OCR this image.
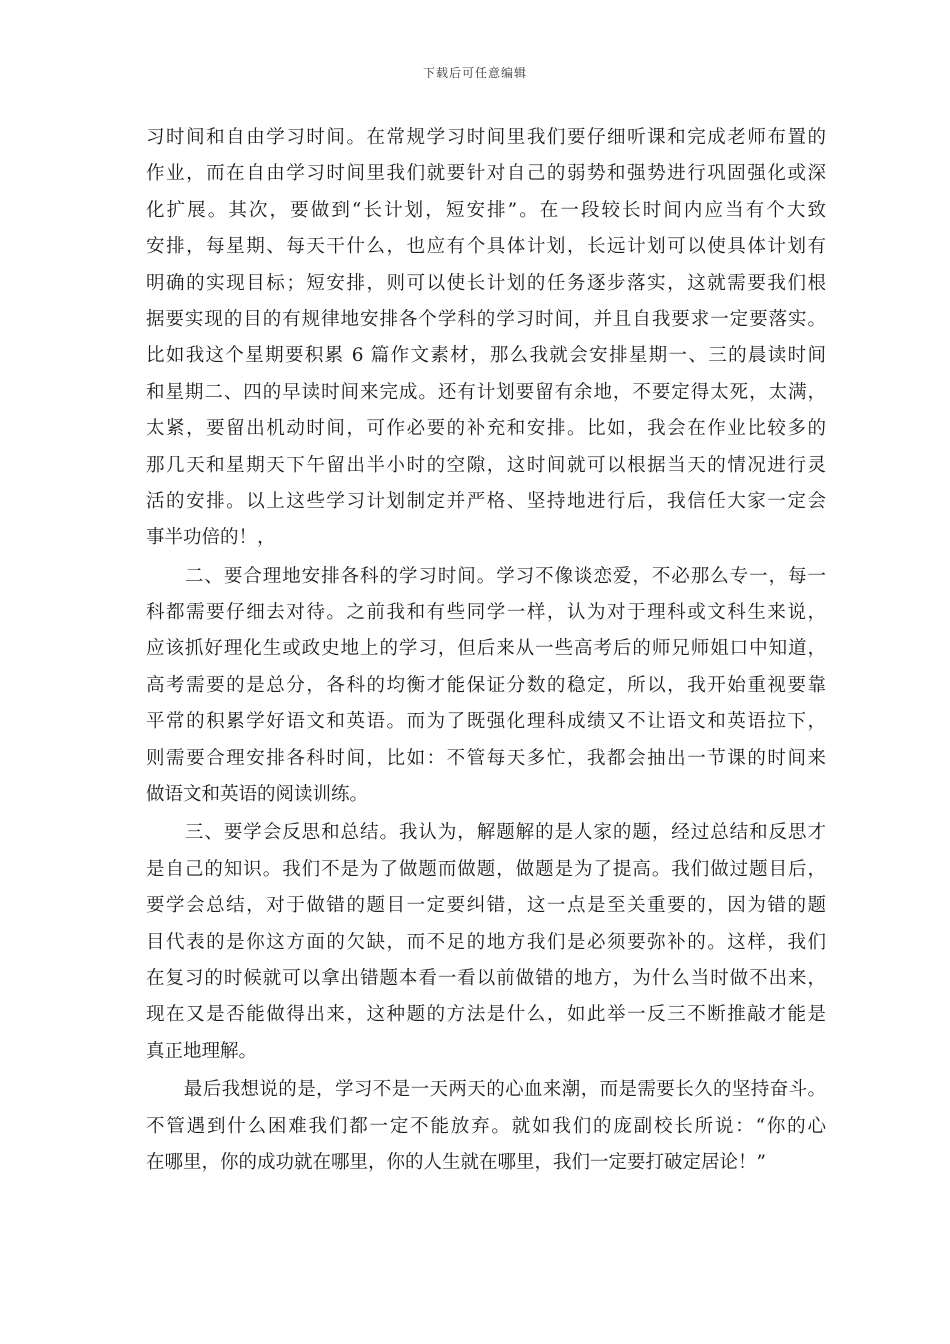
下载后可任意编辑
习时间和自由学习时间。在常规学习时间里我们要仔细听课和完成老师布置的
作业，而在自由学习时间里我们就要针对自己的弱势和强势进行巩固强化或深
化扩展。其次，要做到“长计划，短安排”。在一段较长时间内应当有个大致
安排，每星期、每天干什么，也应有个具体计划，长远计划可以使具体计划有
明确的实现目标；短安排，则可以使长计划的任务逐步落实，这就需要我们根
据要实现的目的有规律地安排各个学科的学习时间，并且自我要求一定要落实。
比如我这个星期要积累 6 篇作文素材，那么我就会安排星期一、三的晨读时间
和星期二、四的早读时间来完成。还有计划要留有余地，不要定得太死，太满，
太紧，要留出机动时间，可作必要的补充和安排。比如，我会在作业比较多的
那几天和星期天下午留出半小时的空隙，这时间就可以根据当天的情况进行灵
活的安排。以上这些学习计划制定并严格、坚持地进行后，我信任大家一定会
事半功倍的！，
　　二、要合理地安排各科的学习时间。学习不像谈恋爱，不必那么专一，每一
科都需要仔细去对待。之前我和有些同学一样，认为对于理科或文科生来说，
应该抓好理化生或政史地上的学习，但后来从一些高考后的师兄师姐口中知道，
高考需要的是总分，各科的均衡才能保证分数的稳定，所以，我开始重视要靠
平常的积累学好语文和英语。而为了既强化理科成绩又不让语文和英语拉下，
则需要合理安排各科时间，比如：不管每天多忙，我都会抽出一节课的时间来
做语文和英语的阅读训练。
　　三、要学会反思和总结。我认为，解题解的是人家的题，经过总结和反思才
是自己的知识。我们不是为了做题而做题，做题是为了提高。我们做过题目后，
要学会总结，对于做错的题目一定要纠错，这一点是至关重要的，因为错的题
目代表的是你这方面的欠缺，而不足的地方我们是必须要弥补的。这样，我们
在复习的时候就可以拿出错题本看一看以前做错的地方，为什么当时做不出来，
现在又是否能做得出来，这种题的方法是什么，如此举一反三不断推敲才能是
真正地理解。
　　最后我想说的是，学习不是一天两天的心血来潮，而是需要长久的坚持奋斗。
不管遇到什么困难我们都一定不能放弃。就如我们的庞副校长所说：“你的心
在哪里，你的成功就在哪里，你的人生就在哪里，我们一定要打破定居论！”
